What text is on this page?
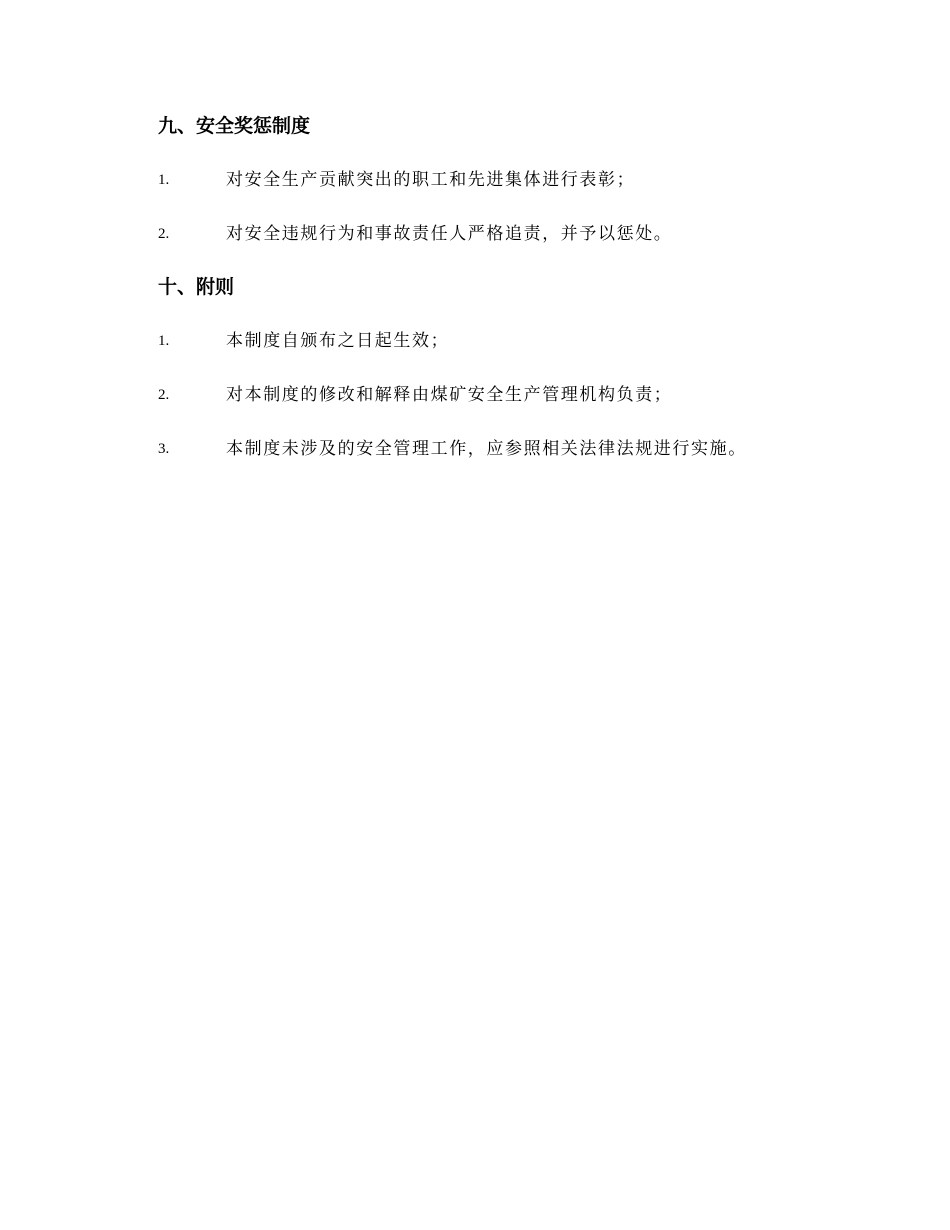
九、安全奖惩制度
1.	对安全生产贡献突出的职工和先进集体进行表彰；
2.	对安全违规行为和事故责任人严格追责，并予以惩处。
十、附则
1.	本制度自颁布之日起生效；
2.	对本制度的修改和解释由煤矿安全生产管理机构负责；
3.	本制度未涉及的安全管理工作，应参照相关法律法规进行实施。
